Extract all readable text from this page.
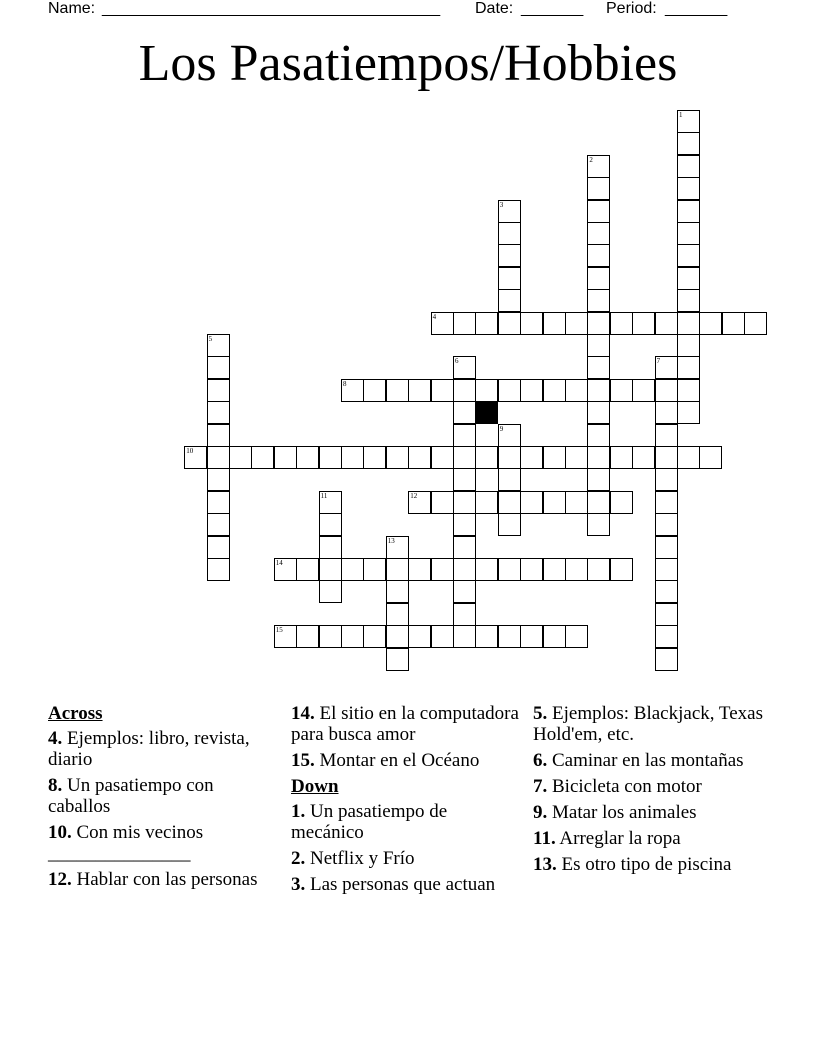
Name: ______________________________________ Date: _______ Period: _______
Los Pasatiempos/Hobbies
1
2
3
4
5
6	7
8
9
10
11	12
13
14
15
Across
4. Ejemplos: libro, revista, diario
8. Un pasatiempo con caballos
10. Con mis vecinos _______________
12. Hablar con las personas
14. El sitio en la computadora para busca amor
15. Montar en el Océano
Down
1. Un pasatiempo de mecánico
2. Netflix y Frío
3. Las personas que actuan
5. Ejemplos: Blackjack, Texas Hold'em, etc.
6. Caminar en las montañas
7. Bicicleta con motor
9. Matar los animales
11. Arreglar la ropa
13. Es otro tipo de piscina
